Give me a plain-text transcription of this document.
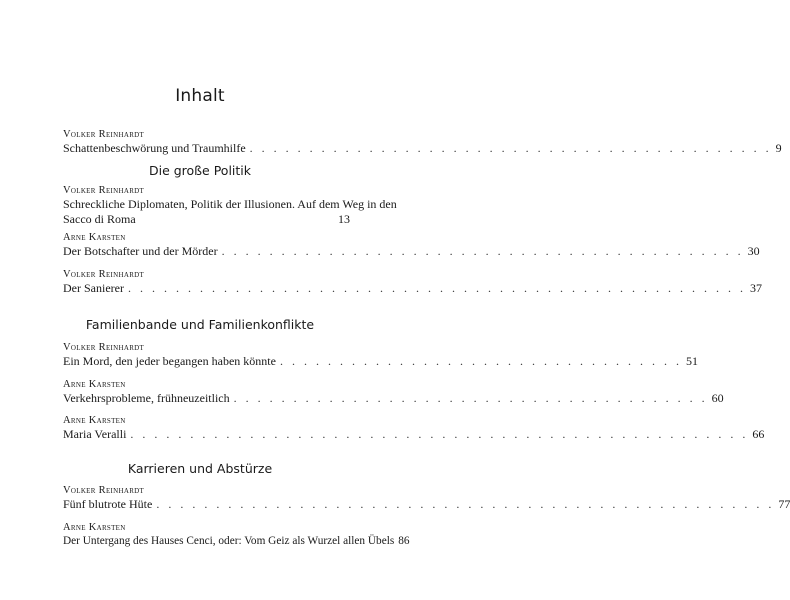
Inhalt
Volker Reinhardt
Schattenbeschwörung und Traumhilfe . . . . . . . . . . . . . . . . . . . . . . . . . . . . . . . . . . . . . . . . . . . . 9
Die große Politik
Volker Reinhardt
Schreckliche Diplomaten, Politik der Illusionen. Auf dem Weg in den
Sacco di Roma	13
Arne Karsten
Der Botschafter und der Mörder . . . . . . . . . . . . . . . . . . . . . . . . . . . . . . . . . . . . . . . . . . . . 30
Volker Reinhardt
Der Sanierer . . . . . . . . . . . . . . . . . . . . . . . . . . . . . . . . . . . . . . . . . . . . . . . . . . . . 37
Familienbande und Familienkonflikte
Volker Reinhardt
Ein Mord, den jeder begangen haben könnte . . . . . . . . . . . . . . . . . . . . . . . . . . . . . . . . . . 51
Arne Karsten
Verkehrsprobleme, frühneuzeitlich . . . . . . . . . . . . . . . . . . . . . . . . . . . . . . . . . . . . . . . . 60
Arne Karsten
Maria Veralli . . . . . . . . . . . . . . . . . . . . . . . . . . . . . . . . . . . . . . . . . . . . . . . . . . . . 66
Karrieren und Abstürze
Volker Reinhardt
Fünf blutrote Hüte . . . . . . . . . . . . . . . . . . . . . . . . . . . . . . . . . . . . . . . . . . . . . . . . . . . . 77
Arne Karsten
Der Untergang des Hauses Cenci, oder: Vom Geiz als Wurzel allen Übels 86
